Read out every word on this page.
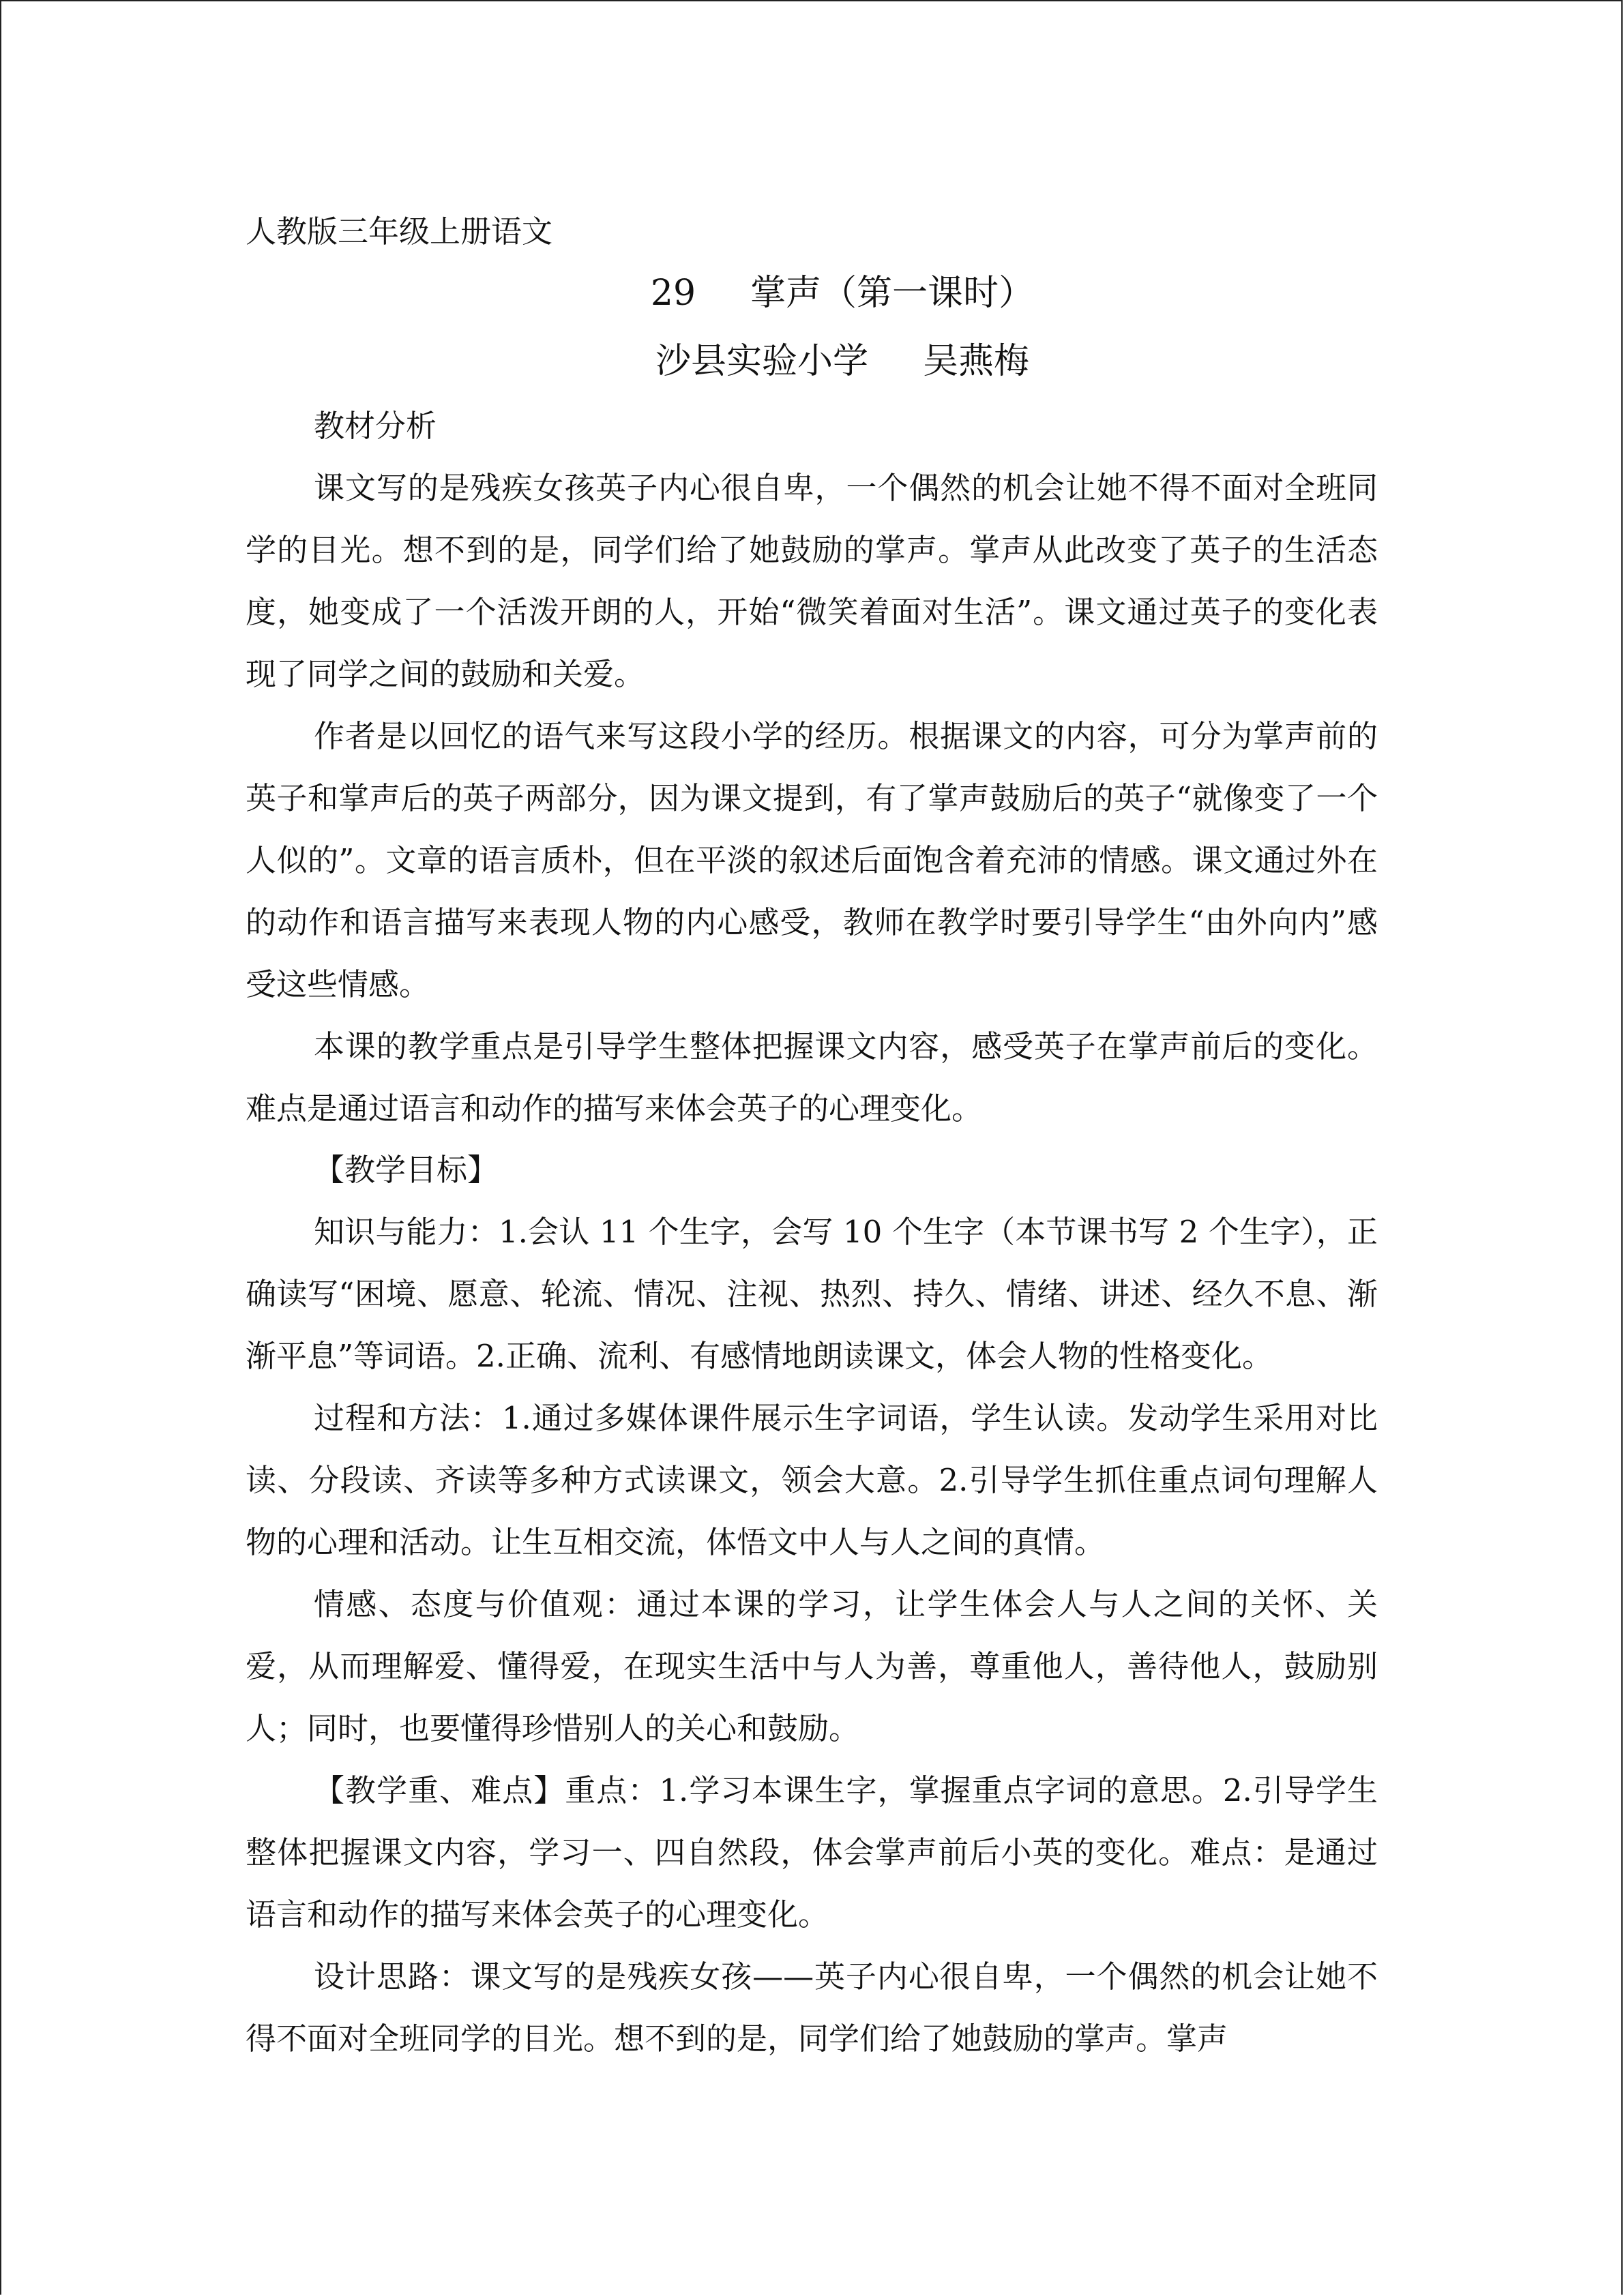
人教版三年级上册语文
29 掌声（第一课时）
沙县实验小学 吴燕梅

教材分析

课文写的是残疾女孩英子内心很自卑，一个偶然的机会让她不得不面对全班同学的目光。想不到的是，同学们给了她鼓励的掌声。掌声从此改变了英子的生活态度，她变成了一个活泼开朗的人，开始“微笑着面对生活”。课文通过英子的变化表现了同学之间的鼓励和关爱。

作者是以回忆的语气来写这段小学的经历。根据课文的内容，可分为掌声前的英子和掌声后的英子两部分，因为课文提到，有了掌声鼓励后的英子“就像变了一个人似的”。文章的语言质朴，但在平淡的叙述后面饱含着充沛的情感。课文通过外在的动作和语言描写来表现人物的内心感受，教师在教学时要引导学生“由外向内”感受这些情感。

本课的教学重点是引导学生整体把握课文内容，感受英子在掌声前后的变化。难点是通过语言和动作的描写来体会英子的心理变化。

【教学目标】

知识与能力：1.会认 11 个生字，会写 10 个生字（本节课书写 2 个生字），正确读写“困境、愿意、轮流、情况、注视、热烈、持久、情绪、讲述、经久不息、渐渐平息”等词语。2.正确、流利、有感情地朗读课文，体会人物的性格变化。

过程和方法：1.通过多媒体课件展示生字词语，学生认读。发动学生采用对比读、分段读、齐读等多种方式读课文，领会大意。2.引导学生抓住重点词句理解人物的心理和活动。让生互相交流，体悟文中人与人之间的真情。

情感、态度与价值观：通过本课的学习，让学生体会人与人之间的关怀、关爱，从而理解爱、懂得爱，在现实生活中与人为善，尊重他人，善待他人，鼓励别人；同时，也要懂得珍惜别人的关心和鼓励。

【教学重、难点】重点：1.学习本课生字，掌握重点字词的意思。2.引导学生整体把握课文内容，学习一、四自然段，体会掌声前后小英的变化。难点：是通过语言和动作的描写来体会英子的心理变化。

设计思路：课文写的是残疾女孩——英子内心很自卑，一个偶然的机会让她不得不面对全班同学的目光。想不到的是，同学们给了她鼓励的掌声。掌声
